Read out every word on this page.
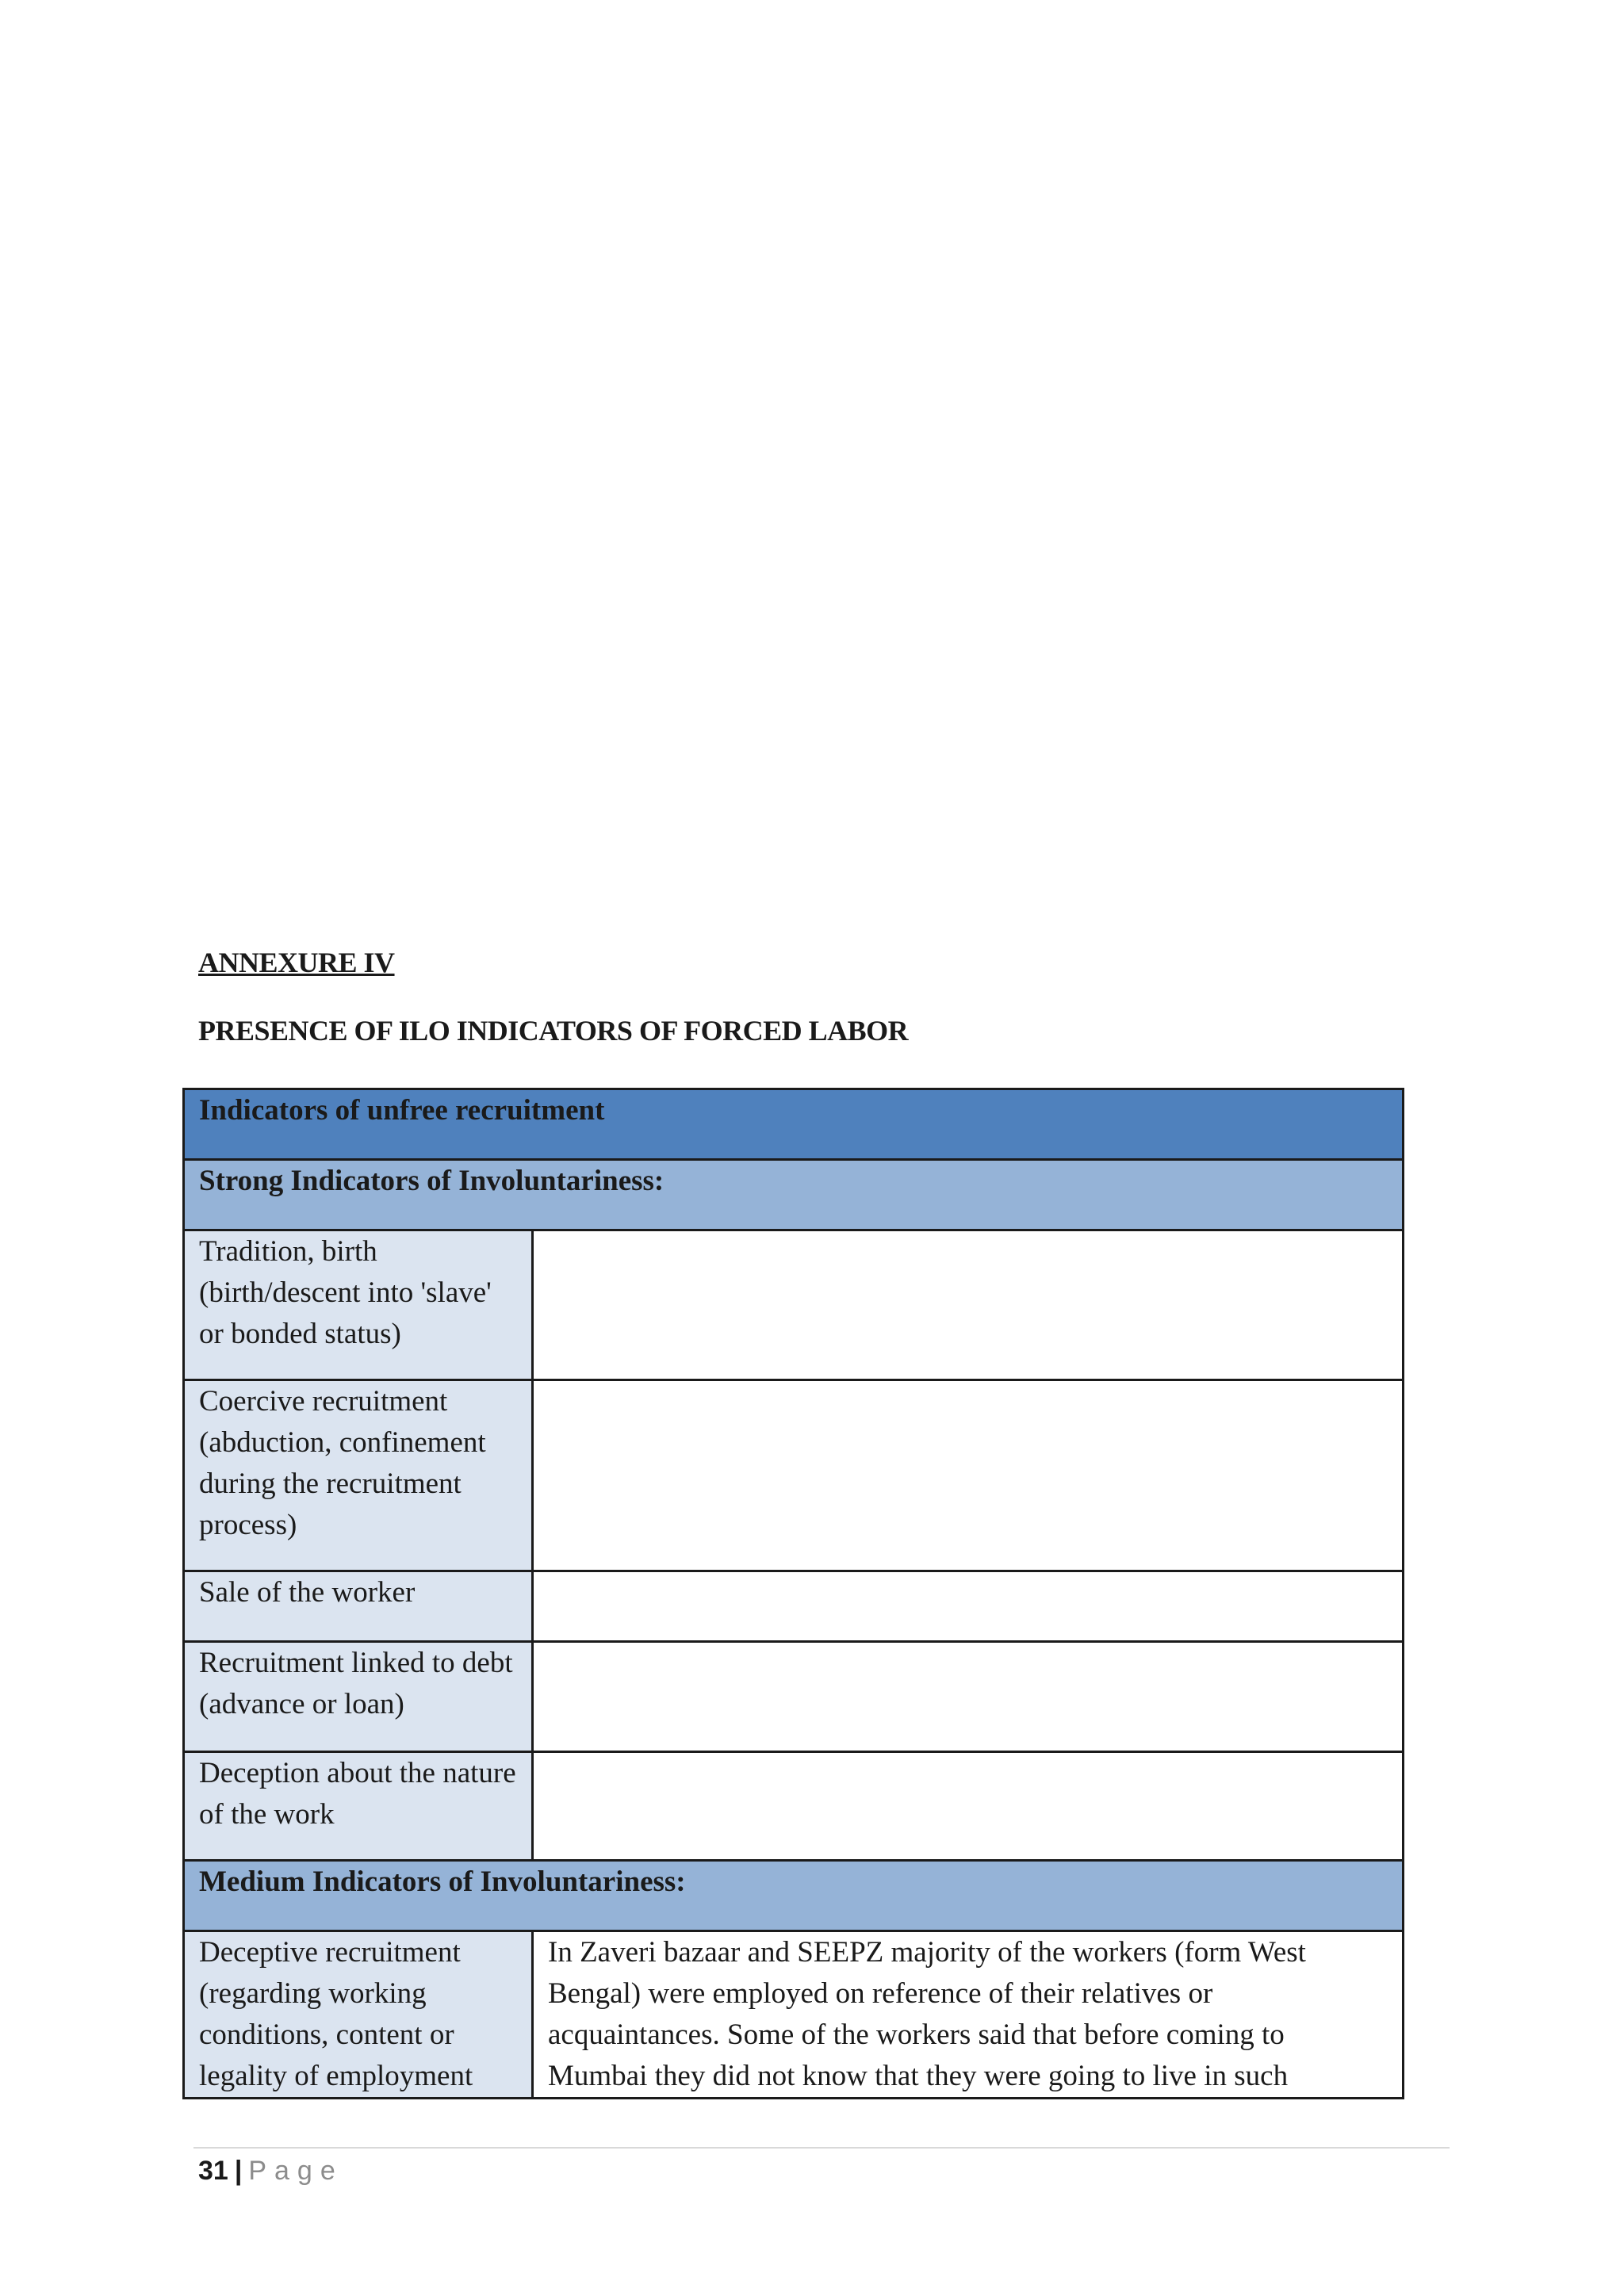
ANNEXURE IV
PRESENCE OF ILO INDICATORS OF FORCED LABOR
Indicators of unfree recruitment	
Strong Indicators of Involuntariness:	
Tradition, birth (birth/descent into 'slave' or bonded status)	
Coercive recruitment (abduction, confinement during the recruitment process)	
Sale of the worker	
Recruitment linked to debt (advance or loan)	
Deception about the nature of the work	
Medium Indicators of Involuntariness:	
Deceptive recruitment (regarding working conditions, content or legality of employment	In Zaveri bazaar and SEEPZ majority of the workers (form West Bengal) were employed on reference of their relatives or acquaintances. Some of the workers said that before coming to Mumbai they did not know that they were going to live in such
31 | Page
